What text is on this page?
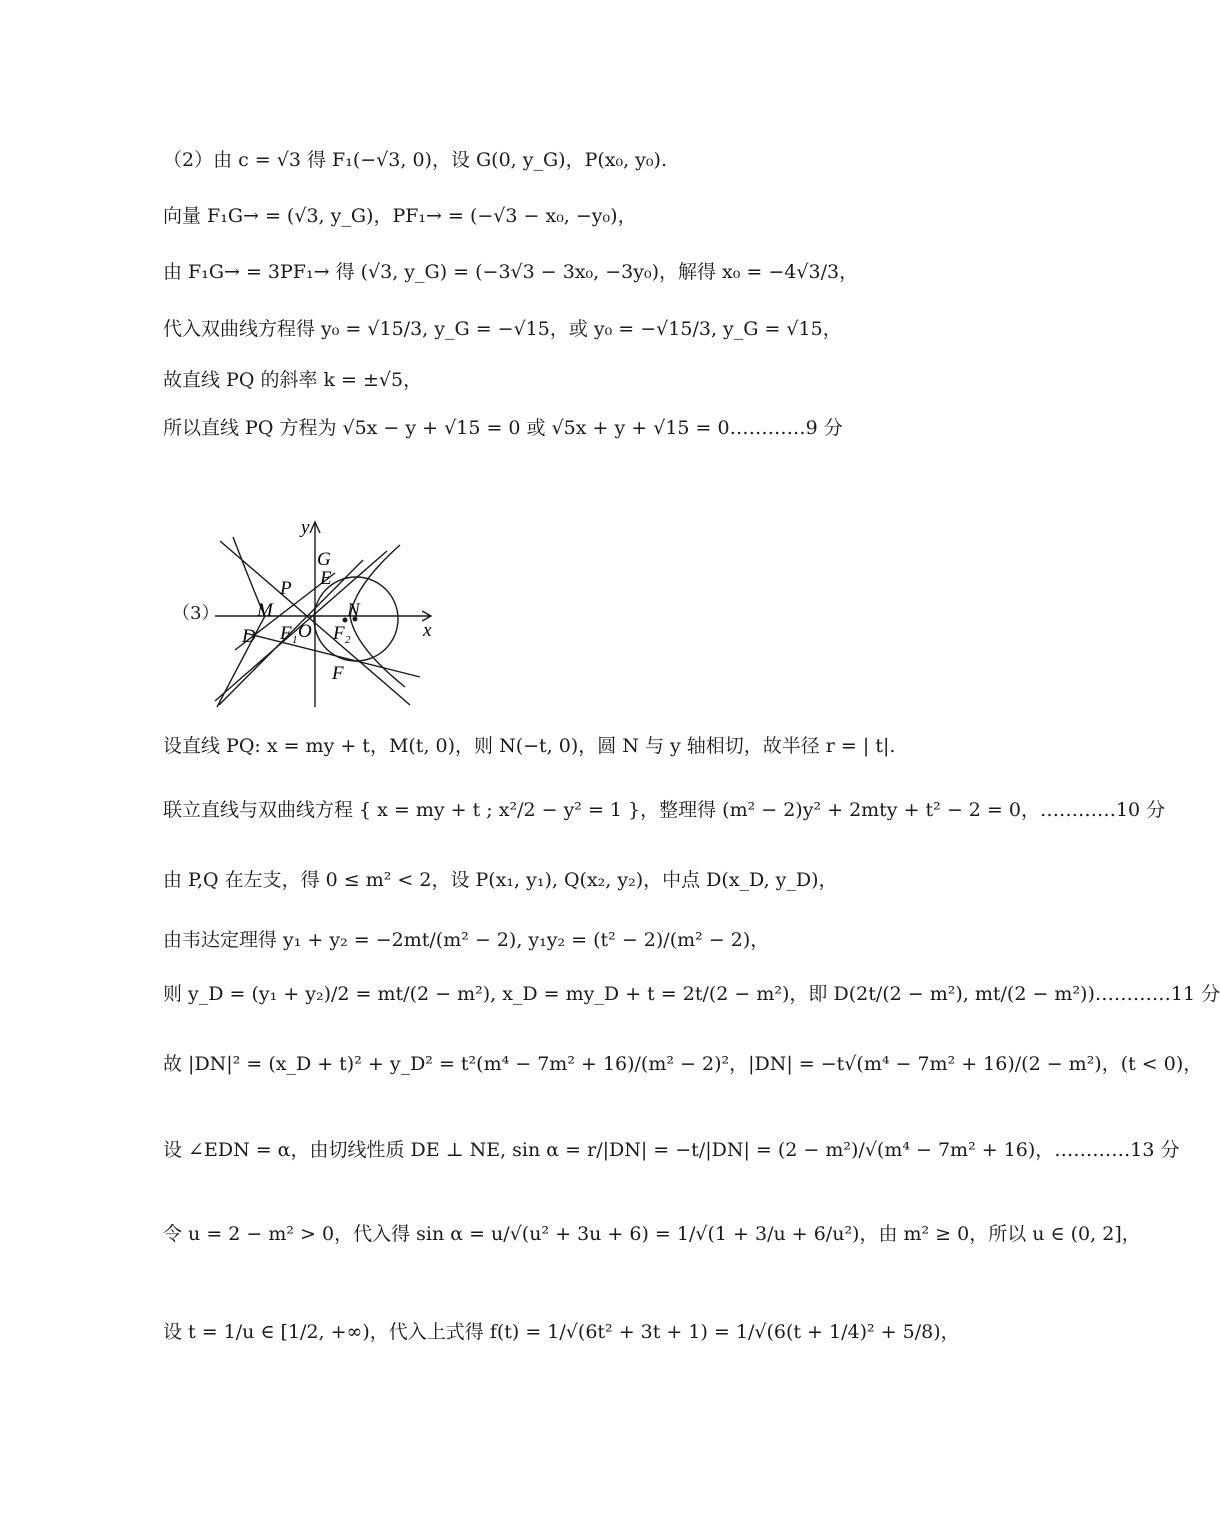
（2）由 c = √3 得 F₁(−√3, 0)，设 G(0, y_G)，P(x₀, y₀).
向量 F₁G→ = (√3, y_G)，PF₁→ = (−√3 − x₀, −y₀)，
由 F₁G→ = 3PF₁→ 得 (√3, y_G) = (−3√3 − 3x₀, −3y₀)，解得 x₀ = −4√3/3，
代入双曲线方程得 y₀ = √15/3, y_G = −√15，或 y₀ = −√15/3, y_G = √15，
故直线 PQ 的斜率 k = ±√5，
所以直线 PQ 方程为 √5x − y + √15 = 0 或 √5x + y + √15 = 0…………9 分
（3）
y
x
G
E
P
M	N
D F 1 O F 2
F
设直线 PQ: x = my + t，M(t, 0)，则 N(−t, 0)，圆 N 与 y 轴相切，故半径 r = | t|.
联立直线与双曲线方程 { x = my + t ; x²/2 − y² = 1 }，整理得 (m² − 2)y² + 2mty + t² − 2 = 0，…………10 分
由 P,Q 在左支，得 0 ≤ m² < 2，设 P(x₁, y₁), Q(x₂, y₂)，中点 D(x_D, y_D)，
由韦达定理得 y₁ + y₂ = −2mt/(m² − 2), y₁y₂ = (t² − 2)/(m² − 2)，
则 y_D = (y₁ + y₂)/2 = mt/(2 − m²), x_D = my_D + t = 2t/(2 − m²)，即 D(2t/(2 − m²), mt/(2 − m²))…………11 分
故 |DN|² = (x_D + t)² + y_D² = t²(m⁴ − 7m² + 16)/(m² − 2)²，|DN| = −t√(m⁴ − 7m² + 16)/(2 − m²)，(t < 0)，
设 ∠EDN = α，由切线性质 DE ⊥ NE, sin α = r/|DN| = −t/|DN| = (2 − m²)/√(m⁴ − 7m² + 16)，…………13 分
令 u = 2 − m² > 0，代入得 sin α = u/√(u² + 3u + 6) = 1/√(1 + 3/u + 6/u²)，由 m² ≥ 0，所以 u ∈ (0, 2]，
设 t = 1/u ∈ [1/2, +∞)，代入上式得 f(t) = 1/√(6t² + 3t + 1) = 1/√(6(t + 1/4)² + 5/8)，
